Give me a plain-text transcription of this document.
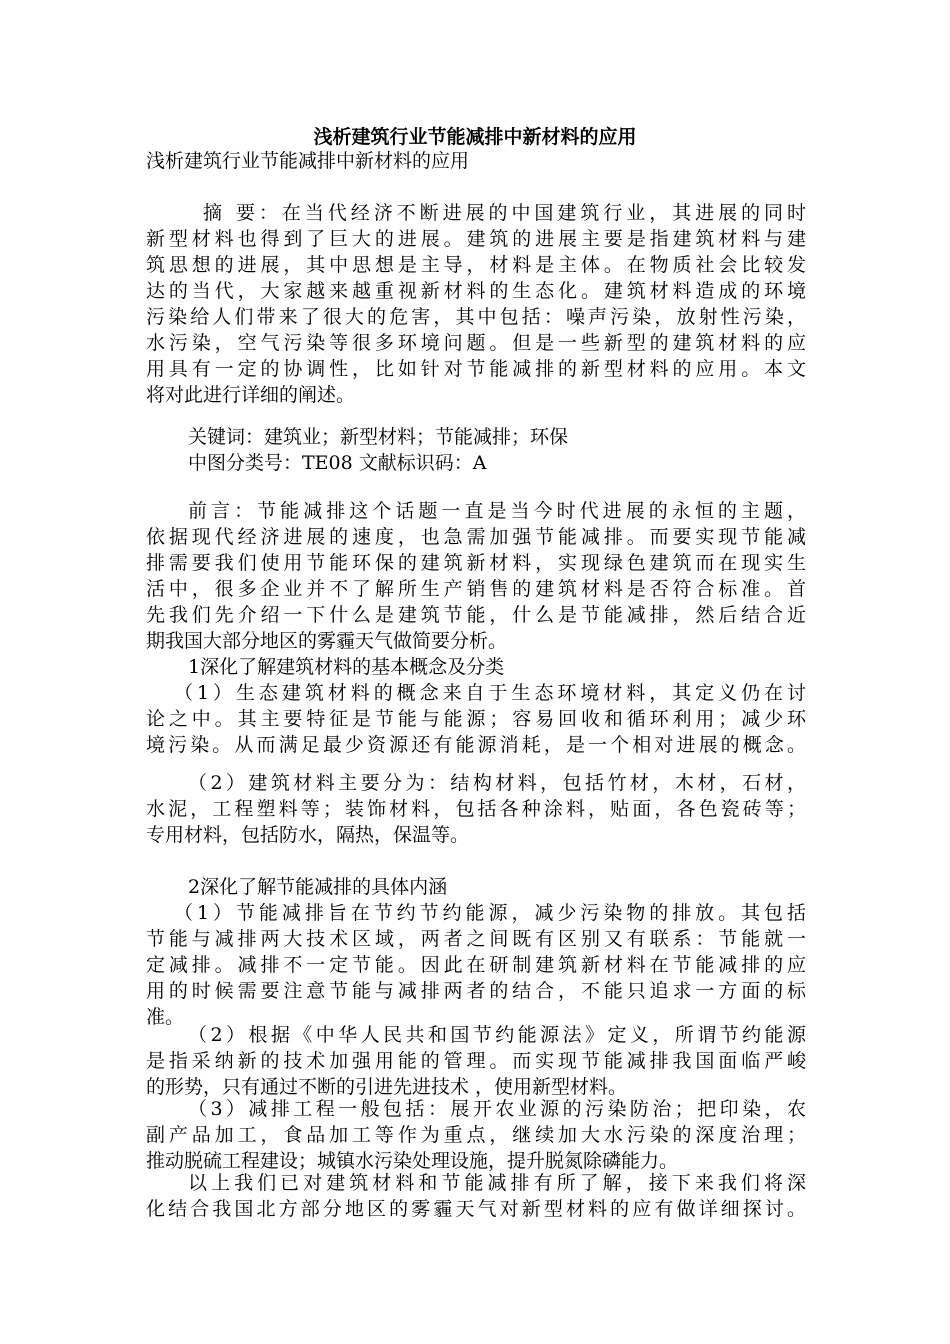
浅析建筑行业节能减排中新材料的应用
浅析建筑行业节能减排中新材料的应用
摘 要：在当代经济不断进展的中国建筑行业，其进展的同时
新型材料也得到了巨大的进展。建筑的进展主要是指建筑材料与建
筑思想的进展，其中思想是主导，材料是主体。在物质社会比较发
达的当代，大家越来越重视新材料的生态化。建筑材料造成的环境
污染给人们带来了很大的危害，其中包括：噪声污染，放射性污染，
水污染，空气污染等很多环境问题。但是一些新型的建筑材料的应
用具有一定的协调性，比如针对节能减排的新型材料的应用。本文
将对此进行详细的阐述。
关键词：建筑业；新型材料；节能减排；环保
中图分类号：TE08 文献标识码：A
前言：节能减排这个话题一直是当今时代进展的永恒的主题，
依据现代经济进展的速度，也急需加强节能减排。而要实现节能减
排需要我们使用节能环保的建筑新材料，实现绿色建筑而在现实生
活中，很多企业并不了解所生产销售的建筑材料是否符合标准。首
先我们先介绍一下什么是建筑节能，什么是节能减排，然后结合近
期我国大部分地区的雾霾天气做简要分析。
1深化了解建筑材料的基本概念及分类
（1）生态建筑材料的概念来自于生态环境材料，其定义仍在讨
论之中。其主要特征是节能与能源；容易回收和循环利用；减少环
境污染。从而满足最少资源还有能源消耗，是一个相对进展的概念。
（2）建筑材料主要分为：结构材料，包括竹材，木材，石材，
水泥，工程塑料等；装饰材料，包括各种涂料，贴面，各色瓷砖等；
专用材料，包括防水，隔热，保温等。
2深化了解节能减排的具体内涵
（1）节能减排旨在节约节约能源，减少污染物的排放。其包括
节能与减排两大技术区域，两者之间既有区别又有联系：节能就一
定减排。减排不一定节能。因此在研制建筑新材料在节能减排的应
用的时候需要注意节能与减排两者的结合，不能只追求一方面的标
准。
（2）根据《中华人民共和国节约能源法》定义，所谓节约能源
是指采纳新的技术加强用能的管理。而实现节能减排我国面临严峻
的形势，只有通过不断的引进先进技术 ，使用新型材料。
（3）减排工程一般包括：展开农业源的污染防治；把印染，农
副产品加工，食品加工等作为重点，继续加大水污染的深度治理；
推动脱硫工程建设；城镇水污染处理设施，提升脱氮除磷能力。
以上我们已对建筑材料和节能减排有所了解，接下来我们将深
化结合我国北方部分地区的雾霾天气对新型材料的应有做详细探讨。
